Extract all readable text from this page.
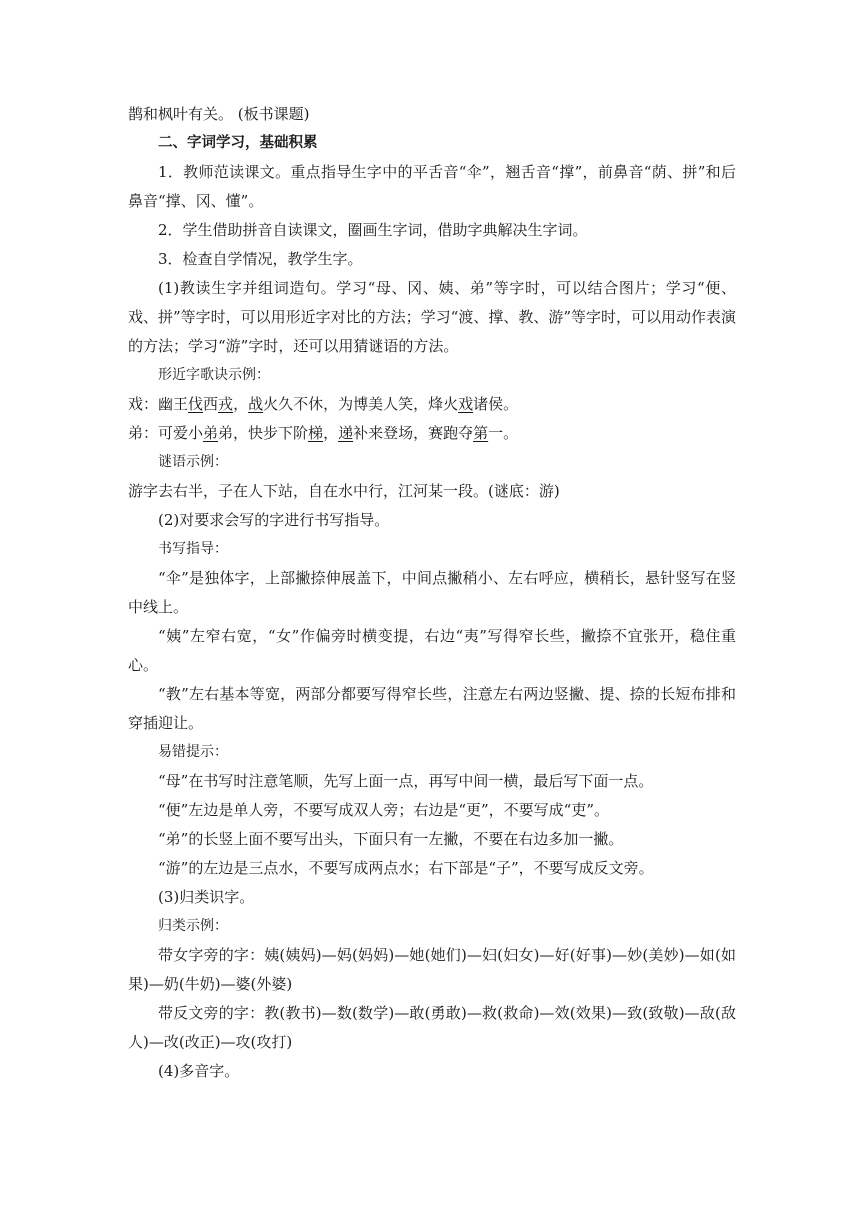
鹊和枫叶有关。 (板书课题)

二、字词学习，基础积累

1．教师范读课文。重点指导生字中的平舌音“伞”，翘舌音“撑”，前鼻音“荫、拼”和后鼻音“撑、冈、懂”。

2．学生借助拼音自读课文，圈画生字词，借助字典解决生字词。

3．检查自学情况，教学生字。

(1)教读生字并组词造句。学习“母、冈、姨、弟”等字时，可以结合图片；学习“便、戏、拼”等字时，可以用形近字对比的方法；学习“渡、撑、教、游”等字时，可以用动作表演的方法；学习“游”字时，还可以用猜谜语的方法。

形近字歌诀示例：

戏：幽王伐西戎，战火久不休，为博美人笑，烽火戏诸侯。

弟：可爱小弟弟，快步下阶梯，递补来登场，赛跑夺第一。

谜语示例：

游字去右半，子在人下站，自在水中行，江河某一段。(谜底：游)

(2)对要求会写的字进行书写指导。

书写指导：

“伞”是独体字，上部撇捺伸展盖下，中间点撇稍小、左右呼应，横稍长，悬针竖写在竖中线上。

“姨”左窄右宽，“女”作偏旁时横变提，右边“夷”写得窄长些，撇捺不宜张开，稳住重心。

“教”左右基本等宽，两部分都要写得窄长些，注意左右两边竖撇、提、捺的长短布排和穿插迎让。

易错提示：

“母”在书写时注意笔顺，先写上面一点，再写中间一横，最后写下面一点。

“便”左边是单人旁，不要写成双人旁；右边是“更”，不要写成“吏”。

“弟”的长竖上面不要写出头，下面只有一左撇，不要在右边多加一撇。

“游”的左边是三点水，不要写成两点水；右下部是“子”，不要写成反文旁。

(3)归类识字。

归类示例：

带女字旁的字：姨(姨妈)—妈(妈妈)—她(她们)—妇(妇女)—好(好事)—妙(美妙)—如(如果)—奶(牛奶)—婆(外婆)

带反文旁的字：教(教书)—数(数学)—敢(勇敢)—救(救命)—效(效果)—致(致敬)—敌(敌人)—改(改正)—攻(攻打)

(4)多音字。
